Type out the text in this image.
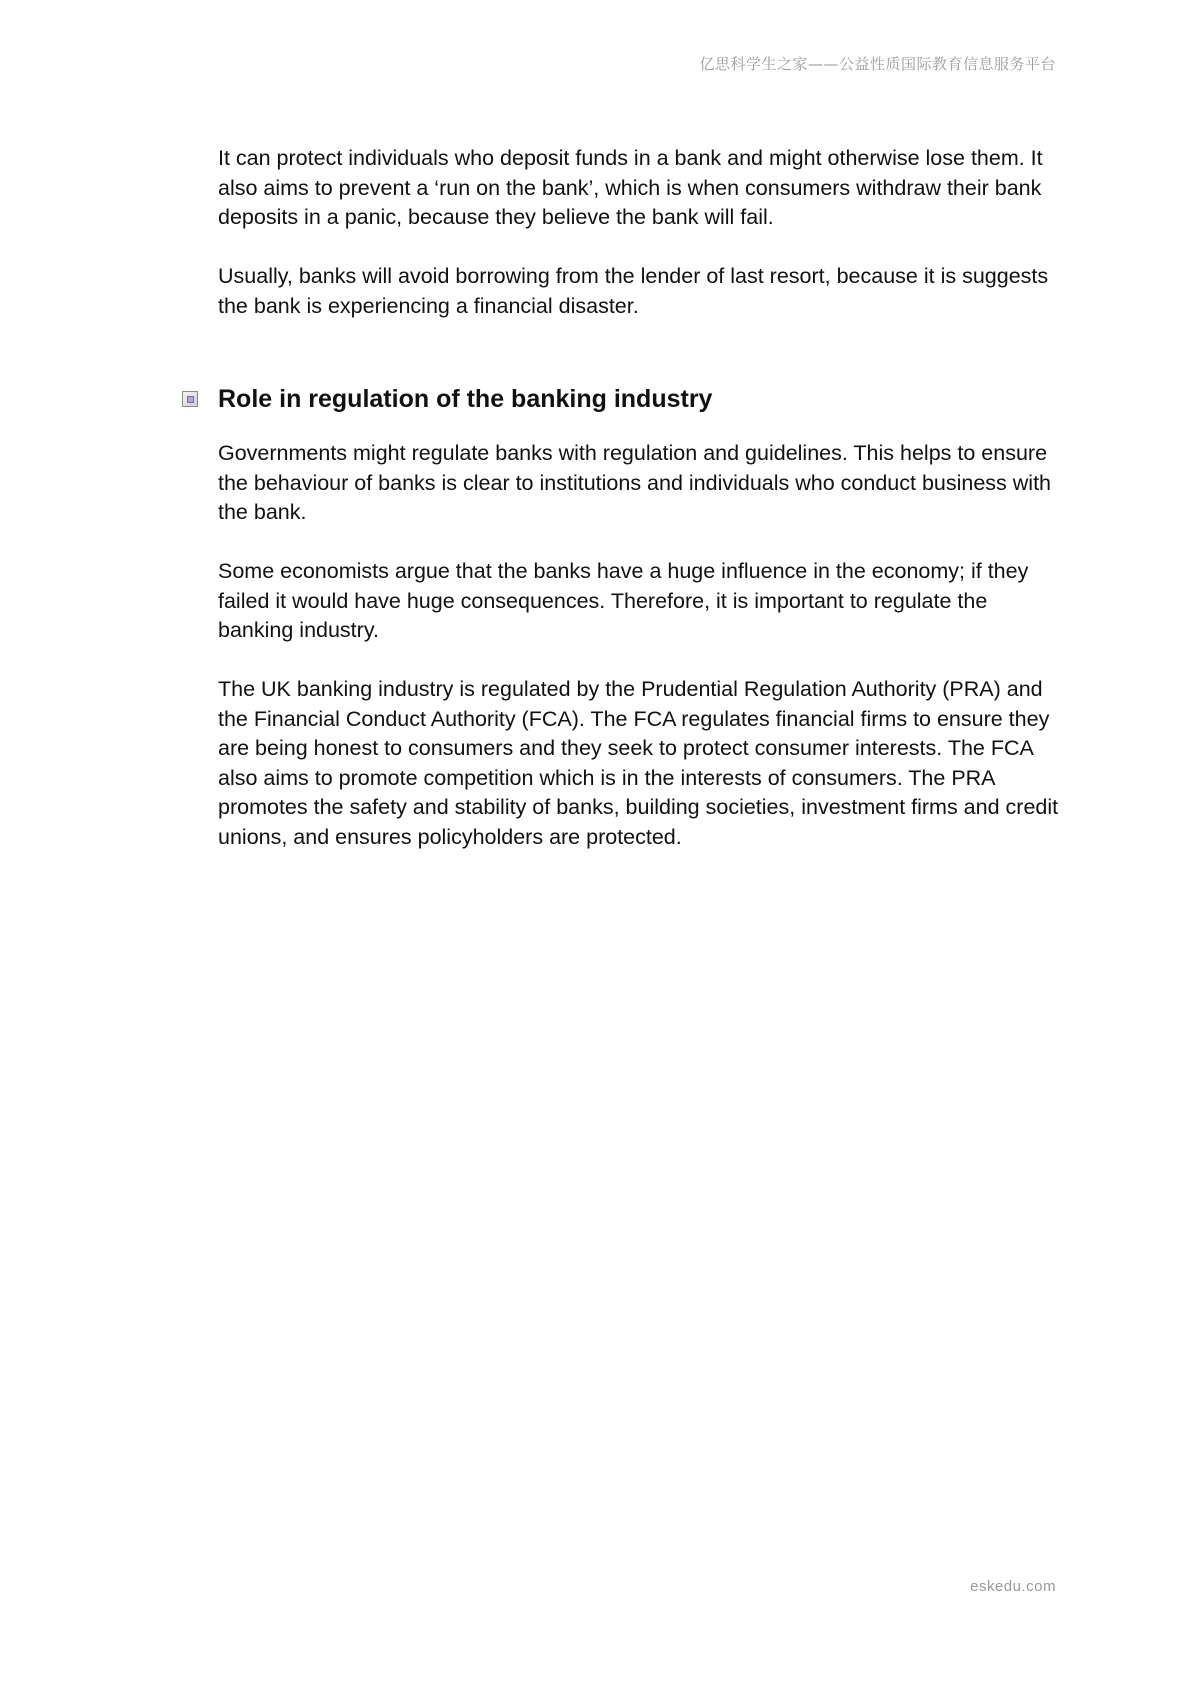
亿思科学生之家——公益性质国际教育信息服务平台

It can protect individuals who deposit funds in a bank and might otherwise lose them. It also aims to prevent a ‘run on the bank’, which is when consumers withdraw their bank deposits in a panic, because they believe the bank will fail.

Usually, banks will avoid borrowing from the lender of last resort, because it is suggests the bank is experiencing a financial disaster.

Role in regulation of the banking industry

Governments might regulate banks with regulation and guidelines. This helps to ensure the behaviour of banks is clear to institutions and individuals who conduct business with the bank.

Some economists argue that the banks have a huge influence in the economy; if they failed it would have huge consequences. Therefore, it is important to regulate the banking industry.

The UK banking industry is regulated by the Prudential Regulation Authority (PRA) and the Financial Conduct Authority (FCA). The FCA regulates financial firms to ensure they are being honest to consumers and they seek to protect consumer interests. The FCA also aims to promote competition which is in the interests of consumers. The PRA promotes the safety and stability of banks, building societies, investment firms and credit unions, and ensures policyholders are protected.

eskedu.com
